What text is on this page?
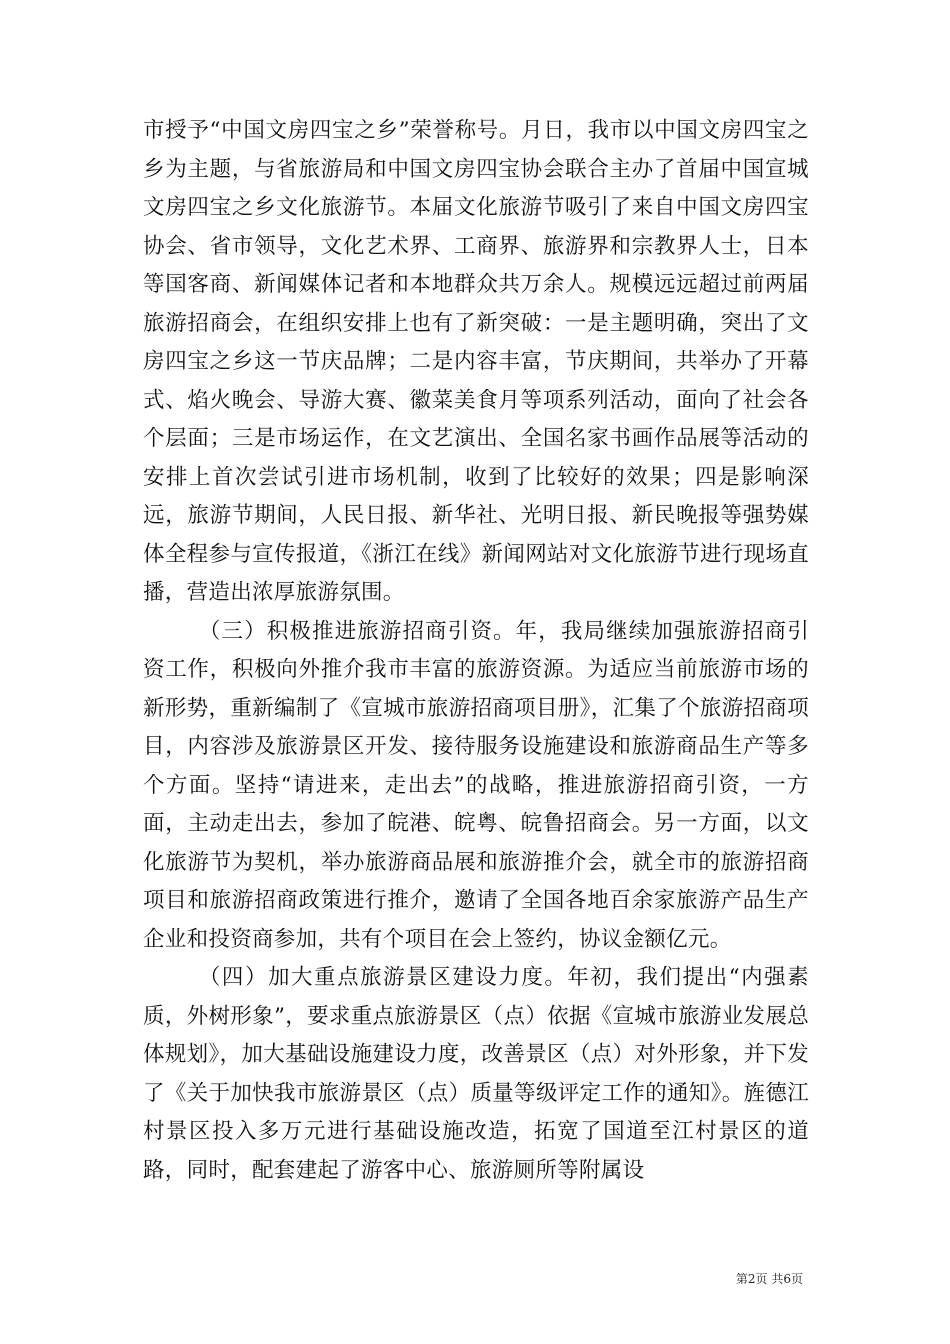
市授予“中国文房四宝之乡”荣誉称号。月日，我市以中国文房四宝之乡为主题，与省旅游局和中国文房四宝协会联合主办了首届中国宣城文房四宝之乡文化旅游节。本届文化旅游节吸引了来自中国文房四宝协会、省市领导，文化艺术界、工商界、旅游界和宗教界人士，日本等国客商、新闻媒体记者和本地群众共万余人。规模远远超过前两届旅游招商会，在组织安排上也有了新突破：一是主题明确，突出了文房四宝之乡这一节庆品牌；二是内容丰富，节庆期间，共举办了开幕式、焰火晚会、导游大赛、徽菜美食月等项系列活动，面向了社会各个层面；三是市场运作，在文艺演出、全国名家书画作品展等活动的安排上首次尝试引进市场机制，收到了比较好的效果；四是影响深远，旅游节期间，人民日报、新华社、光明日报、新民晚报等强势媒体全程参与宣传报道，《浙江在线》新闻网站对文化旅游节进行现场直播，营造出浓厚旅游氛围。

（三）积极推进旅游招商引资。年，我局继续加强旅游招商引资工作，积极向外推介我市丰富的旅游资源。为适应当前旅游市场的新形势，重新编制了《宣城市旅游招商项目册》，汇集了个旅游招商项目，内容涉及旅游景区开发、接待服务设施建设和旅游商品生产等多个方面。坚持“请进来，走出去”的战略，推进旅游招商引资，一方面，主动走出去，参加了皖港、皖粤、皖鲁招商会。另一方面，以文化旅游节为契机，举办旅游商品展和旅游推介会，就全市的旅游招商项目和旅游招商政策进行推介，邀请了全国各地百余家旅游产品生产企业和投资商参加，共有个项目在会上签约，协议金额亿元。

（四）加大重点旅游景区建设力度。年初，我们提出“内强素质，外树形象”，要求重点旅游景区（点）依据《宣城市旅游业发展总体规划》，加大基础设施建设力度，改善景区（点）对外形象，并下发了《关于加快我市旅游景区（点）质量等级评定工作的通知》。旌德江村景区投入多万元进行基础设施改造，拓宽了国道至江村景区的道路，同时，配套建起了游客中心、旅游厕所等附属设

第2页 共6页
